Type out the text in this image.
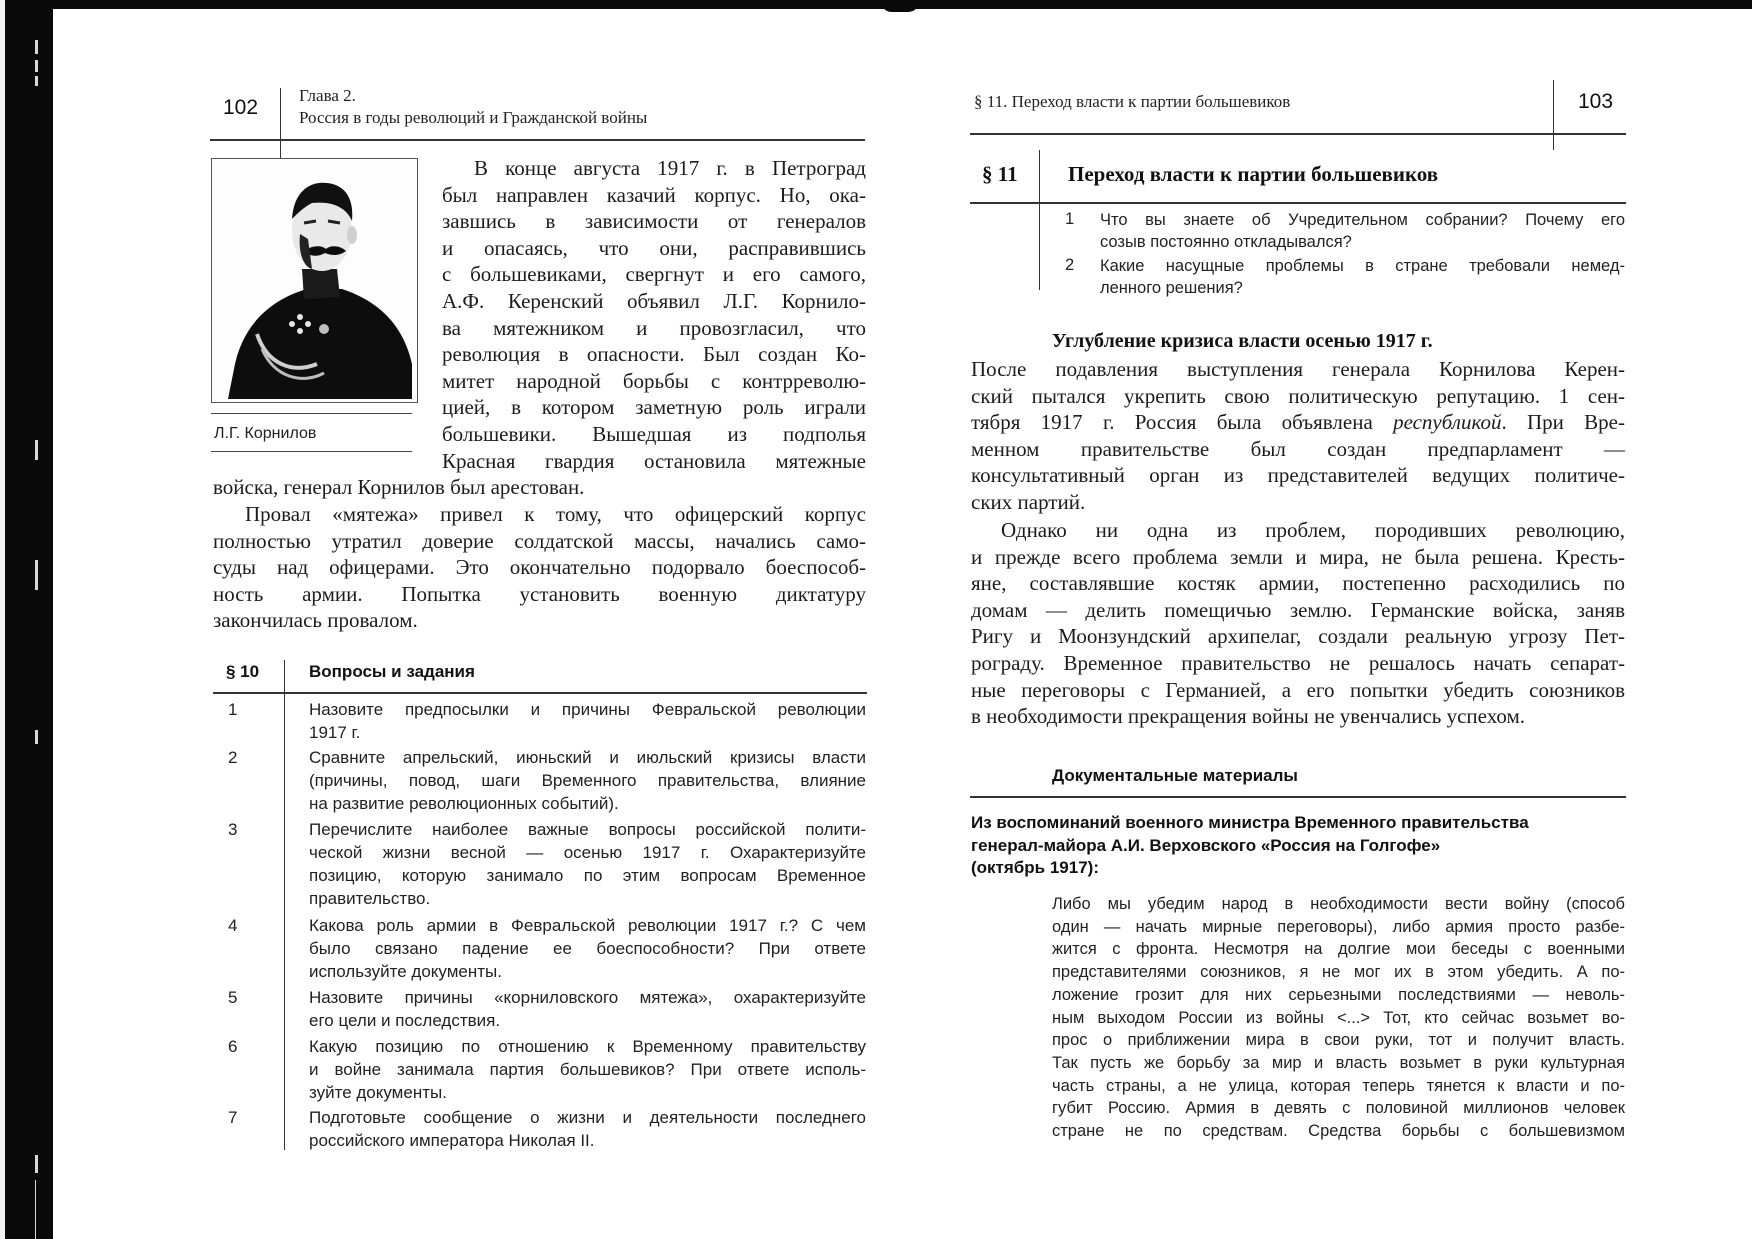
102
Глава 2.
Россия в годы революций и Гражданской войны
Л.Г. Корнилов
В конце августа 1917 г. в Петроград
был направлен казачий корпус. Но, ока-
завшись в зависимости от генералов
и опасаясь, что они, расправившись
с большевиками, свергнут и его самого,
А.Ф. Керенский объявил Л.Г. Корнило-
ва мятежником и провозгласил, что
революция в опасности. Был создан Ко-
митет народной борьбы с контрреволю-
цией, в котором заметную роль играли
большевики. Вышедшая из подполья
Красная гвардия остановила мятежные
войска, генерал Корнилов был арестован.
Провал «мятежа» привел к тому, что офицерский корпус
полностью утратил доверие солдатской массы, начались само-
суды над офицерами. Это окончательно подорвало боеспособ-
ность армии. Попытка установить военную диктатуру
закончилась провалом.
§ 10	Вопросы и задания
1	Назовите предпосылки и причины Февральской революции
1917 г.
2	Сравните апрельский, июньский и июльский кризисы власти
(причины, повод, шаги Временного правительства, влияние
на развитие революционных событий).
3	Перечислите наиболее важные вопросы российской полити-
ческой жизни весной — осенью 1917 г. Охарактеризуйте
позицию, которую занимало по этим вопросам Временное
правительство.
4	Какова роль армии в Февральской революции 1917 г.? С чем
было связано падение ее боеспособности? При ответе
используйте документы.
5	Назовите причины «корниловского мятежа», охарактеризуйте
его цели и последствия.
6	Какую позицию по отношению к Временному правительству
и войне занимала партия большевиков? При ответе исполь-
зуйте документы.
7	Подготовьте сообщение о жизни и деятельности последнего
российского императора Николая II.
§ 11. Переход власти к партии большевиков	103
§ 11 Переход власти к партии большевиков
1 Что вы знаете об Учредительном собрании? Почему его
созыв постоянно откладывался?
2 Какие насущные проблемы в стране требовали немед-
ленного решения?
Углубление кризиса власти осенью 1917 г.
После подавления выступления генерала Корнилова Керен-
ский пытался укрепить свою политическую репутацию. 1 сен-
тября 1917 г. Россия была объявлена республикой. При Вре-
менном правительстве был создан предпарламент —
консультативный орган из представителей ведущих политиче-
ских партий.
Однако ни одна из проблем, породивших революцию,
и прежде всего проблема земли и мира, не была решена. Кресть-
яне, составлявшие костяк армии, постепенно расходились по
домам — делить помещичью землю. Германские войска, заняв
Ригу и Моонзундский архипелаг, создали реальную угрозу Пет-
рограду. Временное правительство не решалось начать сепарат-
ные переговоры с Германией, а его попытки убедить союзников
в необходимости прекращения войны не увенчались успехом.
Документальные материалы
Из воспоминаний военного министра Временного правительства
генерал-майора А.И. Верховского «Россия на Голгофе»
(октябрь 1917):
Либо мы убедим народ в необходимости вести войну (способ
один — начать мирные переговоры), либо армия просто разбе-
жится с фронта. Несмотря на долгие мои беседы с военными
представителями союзников, я не мог их в этом убедить. А по-
ложение грозит для них серьезными последствиями — неволь-
ным выходом России из войны <...> Тот, кто сейчас возьмет во-
прос о приближении мира в свои руки, тот и получит власть.
Так пусть же борьбу за мир и власть возьмет в руки культурная
часть страны, а не улица, которая теперь тянется к власти и по-
губит Россию. Армия в девять с половиной миллионов человек
стране не по средствам. Средства борьбы с большевизмом
